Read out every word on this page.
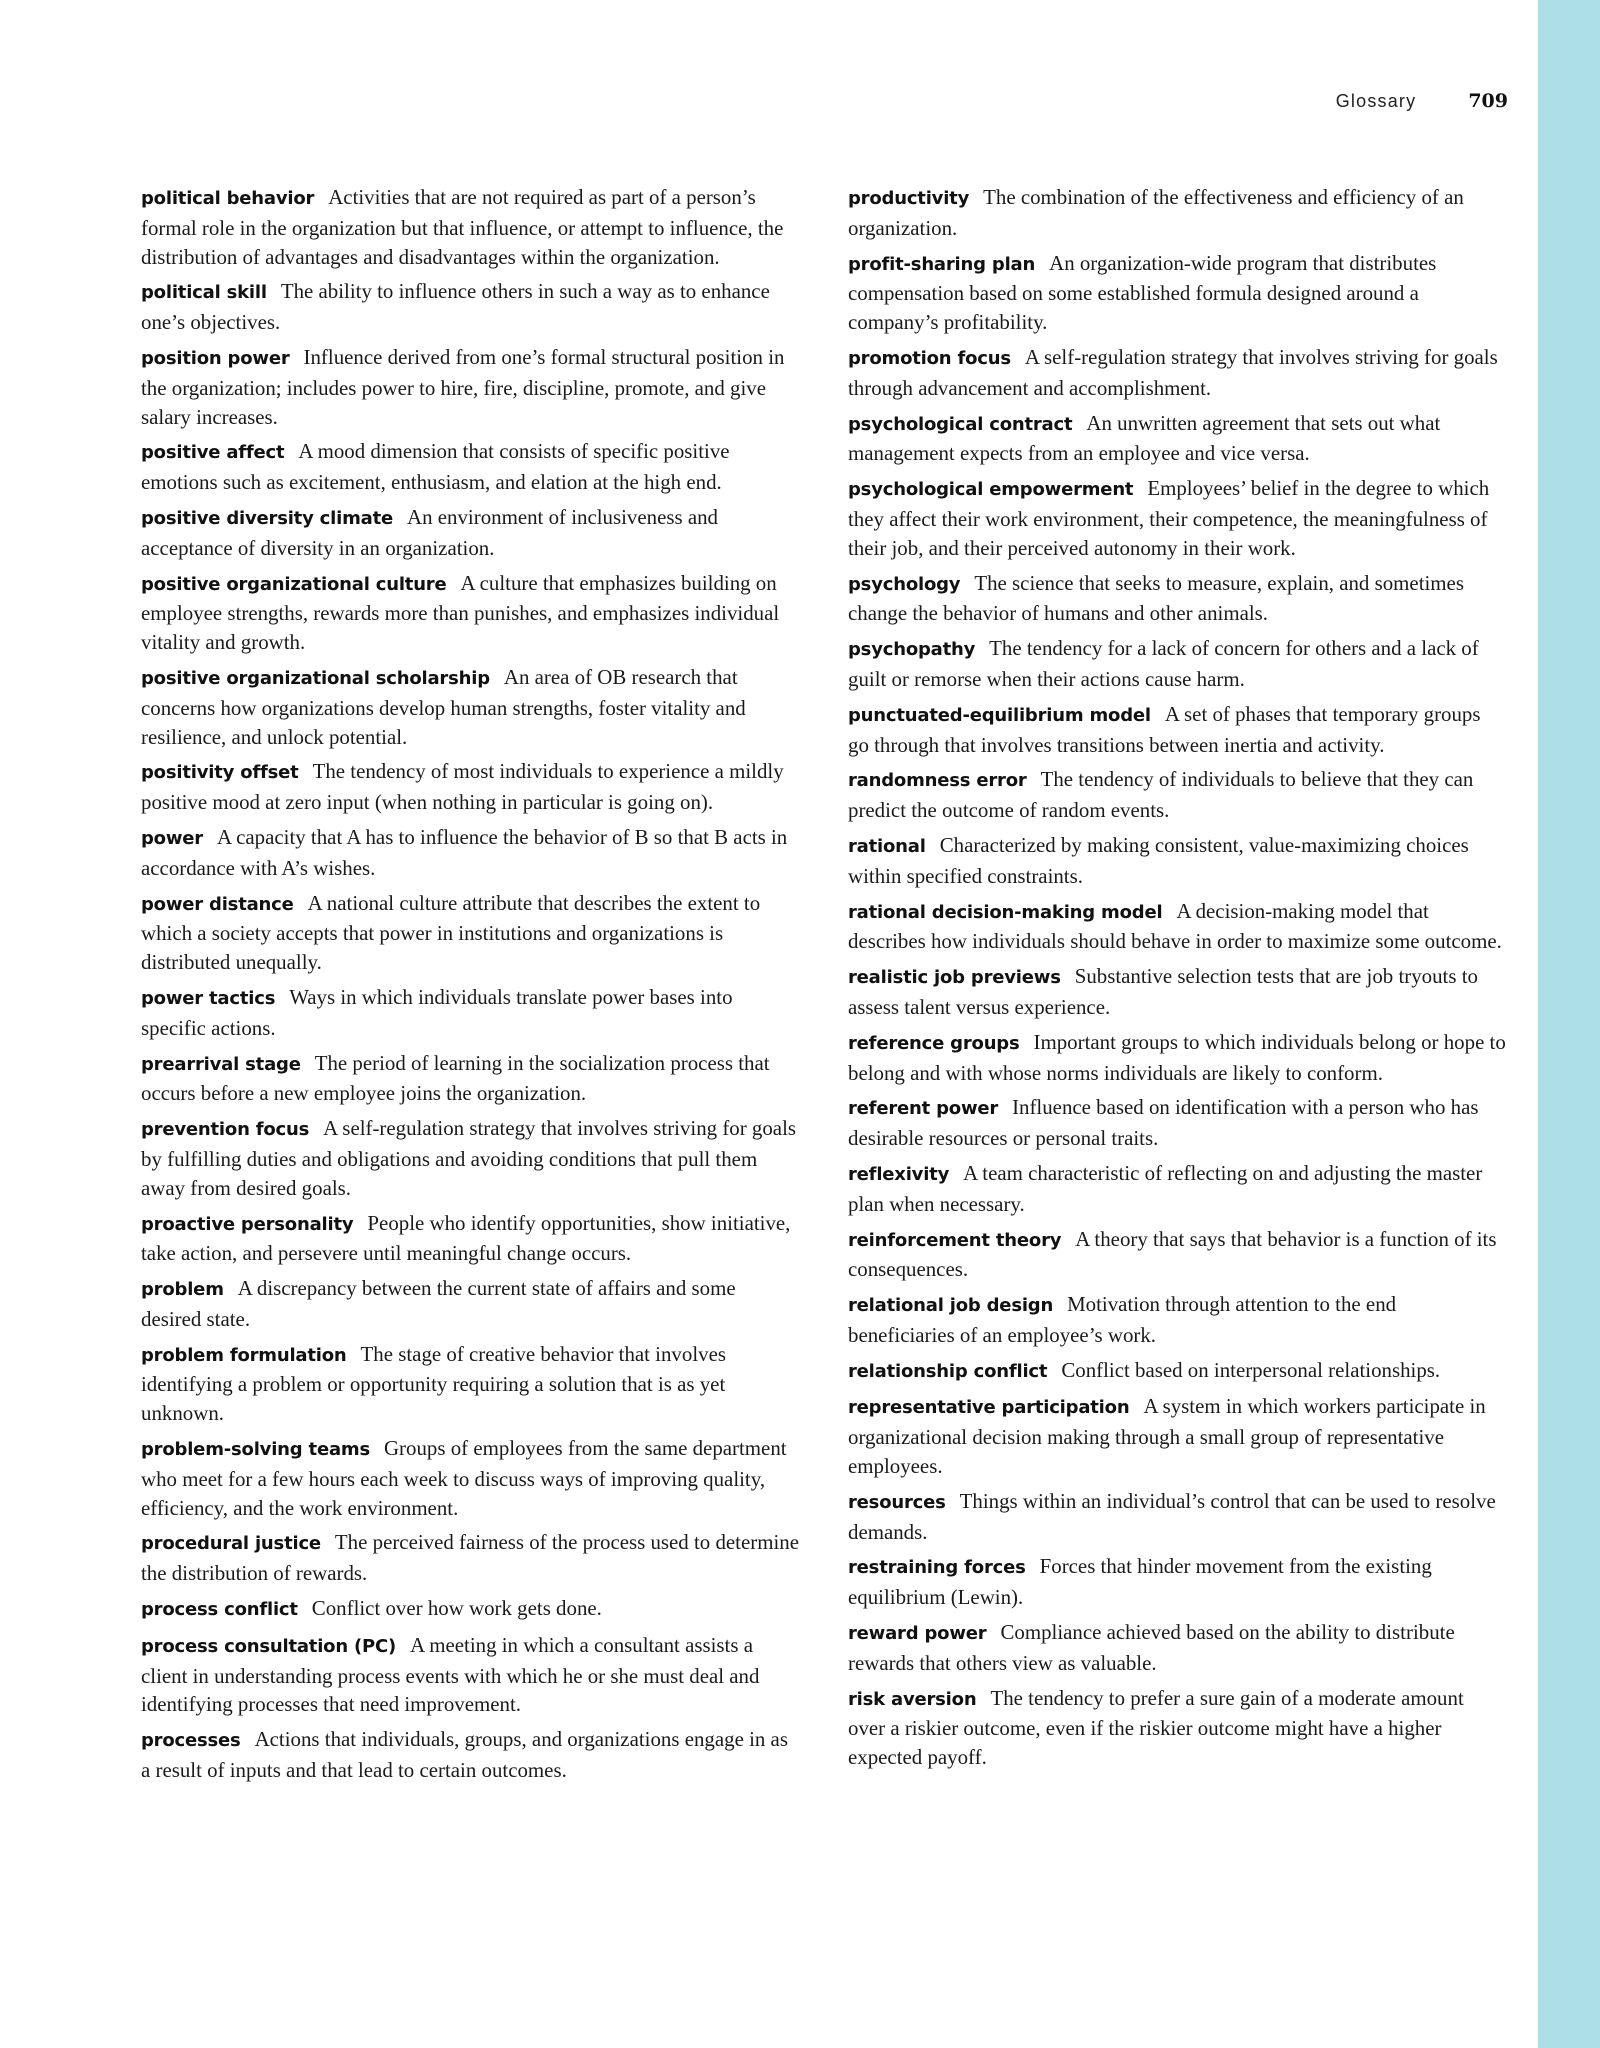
Glossary	709

political behavior Activities that are not required as part of a person’s formal role in the organization but that influence, or attempt to influence, the distribution of advantages and disadvantages within the organization.

political skill The ability to influence others in such a way as to enhance one’s objectives.

position power Influence derived from one’s formal structural position in the organization; includes power to hire, fire, discipline, promote, and give salary increases.

positive affect A mood dimension that consists of specific positive emotions such as excitement, enthusiasm, and elation at the high end.

positive diversity climate An environment of inclusiveness and acceptance of diversity in an organization.

positive organizational culture A culture that emphasizes building on employee strengths, rewards more than punishes, and emphasizes individual vitality and growth.

positive organizational scholarship An area of OB research that concerns how organizations develop human strengths, foster vitality and resilience, and unlock potential.

positivity offset The tendency of most individuals to experience a mildly positive mood at zero input (when nothing in particular is going on).

power A capacity that A has to influence the behavior of B so that B acts in accordance with A’s wishes.

power distance A national culture attribute that describes the extent to which a society accepts that power in institutions and organizations is distributed unequally.

power tactics Ways in which individuals translate power bases into specific actions.

prearrival stage The period of learning in the socialization process that occurs before a new employee joins the organization.

prevention focus A self-regulation strategy that involves striving for goals by fulfilling duties and obligations and avoiding conditions that pull them away from desired goals.

proactive personality People who identify opportunities, show initiative, take action, and persevere until meaningful change occurs.

problem A discrepancy between the current state of affairs and some desired state.

problem formulation The stage of creative behavior that involves identifying a problem or opportunity requiring a solution that is as yet unknown.

problem-solving teams Groups of employees from the same department who meet for a few hours each week to discuss ways of improving quality, efficiency, and the work environment.

procedural justice The perceived fairness of the process used to determine the distribution of rewards.

process conflict Conflict over how work gets done.

process consultation (PC) A meeting in which a consultant assists a client in understanding process events with which he or she must deal and identifying processes that need improvement.

processes Actions that individuals, groups, and organizations engage in as a result of inputs and that lead to certain outcomes.

productivity The combination of the effectiveness and efficiency of an organization.

profit-sharing plan An organization-wide program that distributes compensation based on some established formula designed around a company’s profitability.

promotion focus A self-regulation strategy that involves striving for goals through advancement and accomplishment.

psychological contract An unwritten agreement that sets out what management expects from an employee and vice versa.

psychological empowerment Employees’ belief in the degree to which they affect their work environment, their competence, the meaningfulness of their job, and their perceived autonomy in their work.

psychology The science that seeks to measure, explain, and sometimes change the behavior of humans and other animals.

psychopathy The tendency for a lack of concern for others and a lack of guilt or remorse when their actions cause harm.

punctuated-equilibrium model A set of phases that temporary groups go through that involves transitions between inertia and activity.

randomness error The tendency of individuals to believe that they can predict the outcome of random events.

rational Characterized by making consistent, value-maximizing choices within specified constraints.

rational decision-making model A decision-making model that describes how individuals should behave in order to maximize some outcome.

realistic job previews Substantive selection tests that are job tryouts to assess talent versus experience.

reference groups Important groups to which individuals belong or hope to belong and with whose norms individuals are likely to conform.

referent power Influence based on identification with a person who has desirable resources or personal traits.

reflexivity A team characteristic of reflecting on and adjusting the master plan when necessary.

reinforcement theory A theory that says that behavior is a function of its consequences.

relational job design Motivation through attention to the end beneficiaries of an employee’s work.

relationship conflict Conflict based on interpersonal relationships.

representative participation A system in which workers participate in organizational decision making through a small group of representative employees.

resources Things within an individual’s control that can be used to resolve demands.

restraining forces Forces that hinder movement from the existing equilibrium (Lewin).

reward power Compliance achieved based on the ability to distribute rewards that others view as valuable.

risk aversion The tendency to prefer a sure gain of a moderate amount over a riskier outcome, even if the riskier outcome might have a higher expected payoff.
